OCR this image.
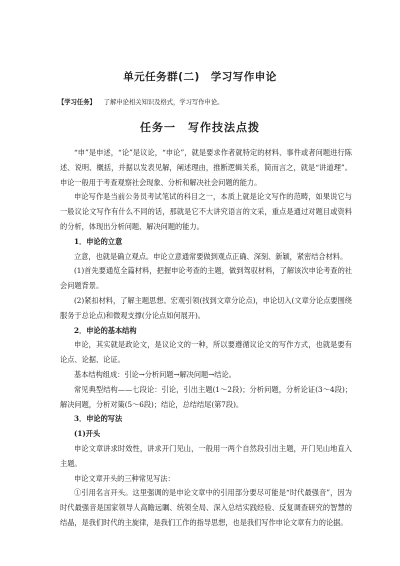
单元任务群(二)　学习写作申论
【学习任务】 了解申论相关知识及格式，学习写作申论。
任务一　写作技法点拨

“申”是申述，“论”是议论，“申论”，就是要求作者就特定的材料、事件或者问题进行陈述、说明、概括，并据以发表见解，阐述理由，推断逻辑关系，简而言之，就是“讲道理”。申论一般用于考查观察社会现象、分析和解决社会问题的能力。

申论写作是当前公务员考试笔试的科目之一，本质上就是论文写作的范畴，如果说它与一般议论文写作有什么不同的话，那就是它不大讲究语言的文采，重点是通过对题目或资料的分析，体现出分析问题、解决问题的能力。

1．申论的立意

立意，也就是确立观点。申论立意通常要做到观点正确、深刻、新颖，紧密结合材料。

(1)首先要通览全篇材料，把握申论考查的主题，做到驾驭材料，了解该次申论考查的社会问题背景。

(2)紧扣材料，了解主题思想。宏观引领(找到文章分论点)，申论切入(文章分论点要围绕服务于总论点)和微观支撑(分论点如何展开)。

2．申论的基本结构

申论，其实就是政论文，是议论文的一种，所以要遵循议论文的写作方式，也就是要有论点、论据、论证。

基本结构组成：引论→分析问题→解决问题→结论。

常见典型结构——七段论：引论，引出主题(1～2段)；分析问题，分析论证(3～4段)；解决问题，分析对策(5～6段)；结论，总结结尾(第7段)。

3．申论的写法

(1)开头

申论文章讲求时效性，讲求开门见山，一般用一两个自然段引出主题，开门见山地直入主题。

申论文章开头的三种常见写法：

①引用名言开头。这里强调的是申论文章中的引用部分要尽可能是“时代最强音”，因为时代最强音是国家领导人高瞻远瞩、统领全局、深入总结实践经验、反复调查研究的智慧的结晶，是我们时代的主旋律，是我们工作的指导思想，也是我们写作申论文章有力的论据。
